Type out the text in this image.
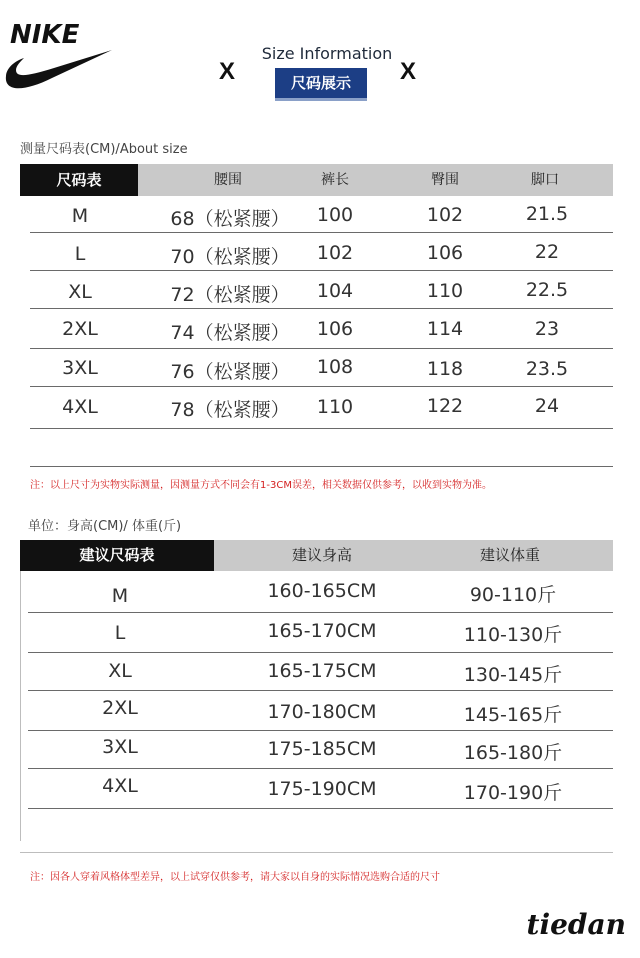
NIKE
X
Size Information
尺码展示	X
测量尺码表(CM)/About size
尺码表	腰围	裤长	臀围	脚口
M	68（松紧腰）	100	102	21.5
L	70（松紧腰）	102	106	22
XL	72（松紧腰）	104	110	22.5
2XL	74（松紧腰）	106	114	23
3XL	76（松紧腰）	108	118	23.5
4XL	78（松紧腰）	110	122	24
注：以上尺寸为实物实际测量，因测量方式不同会有1-3CM误差，相关数据仅供参考，以收到实物为准。
单位：身高(CM)/ 体重(斤)
建议尺码表	建议身高	建议体重
M	160-165CM	90-110斤
L	165-170CM	110-130斤
XL	165-175CM	130-145斤
2XL	170-180CM	145-165斤
3XL	175-185CM	165-180斤
4XL	175-190CM	170-190斤
注：因各人穿着风格体型差异，以上试穿仅供参考，请大家以自身的实际情况选购合适的尺寸
tiedan
